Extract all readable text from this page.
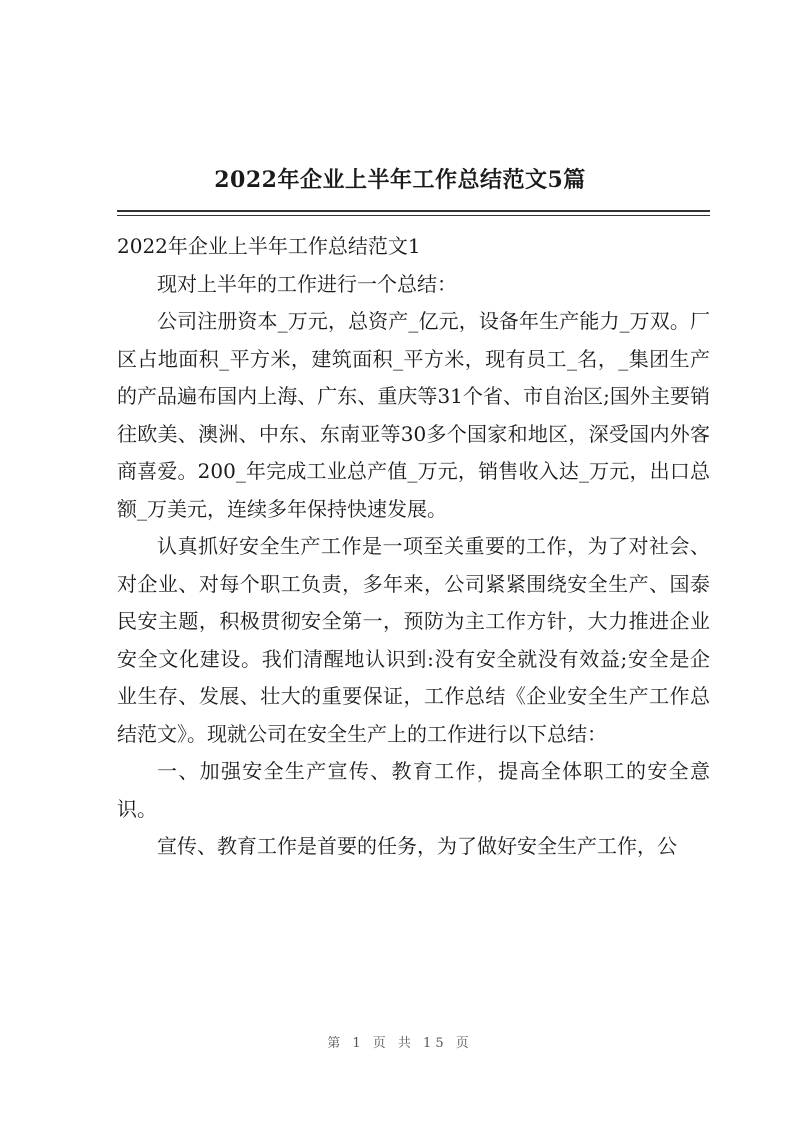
2022年企业上半年工作总结范文5篇

2022年企业上半年工作总结范文1

现对上半年的工作进行一个总结：

公司注册资本_万元，总资产_亿元，设备年生产能力_万双。厂区占地面积_平方米，建筑面积_平方米，现有员工_名，_集团生产的产品遍布国内上海、广东、重庆等31个省、市自治区;国外主要销往欧美、澳洲、中东、东南亚等30多个国家和地区，深受国内外客商喜爱。200_年完成工业总产值_万元，销售收入达_万元，出口总额_万美元，连续多年保持快速发展。

认真抓好安全生产工作是一项至关重要的工作，为了对社会、对企业、对每个职工负责，多年来，公司紧紧围绕安全生产、国泰民安主题，积极贯彻安全第一，预防为主工作方针，大力推进企业安全文化建设。我们清醒地认识到:没有安全就没有效益;安全是企业生存、发展、壮大的重要保证，工作总结《企业安全生产工作总结范文》。现就公司在安全生产上的工作进行以下总结：

一、加强安全生产宣传、教育工作，提高全体职工的安全意识。

宣传、教育工作是首要的任务，为了做好安全生产工作，公

第 1 页 共 15 页
